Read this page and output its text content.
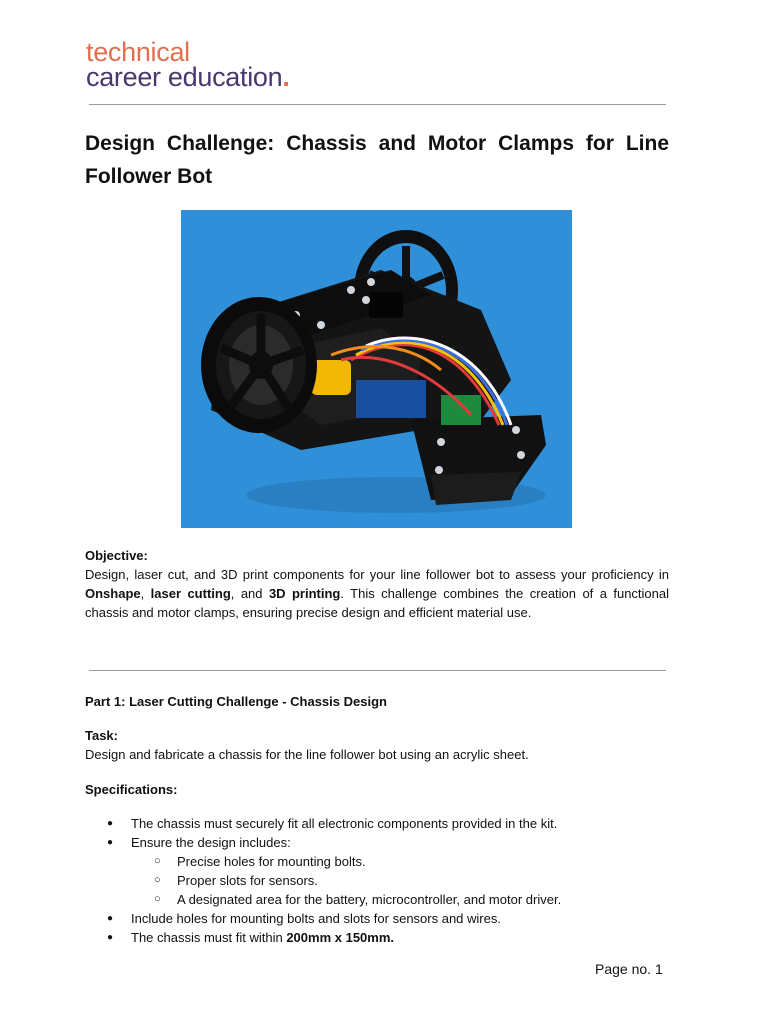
technical
career education.
Design Challenge: Chassis and Motor Clamps for Line Follower Bot
Objective:
Design, laser cut, and 3D print components for your line follower bot to assess your proficiency in Onshape, laser cutting, and 3D printing. This challenge combines the creation of a functional chassis and motor clamps, ensuring precise design and efficient material use.
Part 1: Laser Cutting Challenge - Chassis Design
Task:
Design and fabricate a chassis for the line follower bot using an acrylic sheet.
Specifications:
● The chassis must securely fit all electronic components provided in the kit.
● Ensure the design includes:
○ Precise holes for mounting bolts.
○ Proper slots for sensors.
○ A designated area for the battery, microcontroller, and motor driver.
● Include holes for mounting bolts and slots for sensors and wires.
● The chassis must fit within 200mm x 150mm.
Page no. 1
